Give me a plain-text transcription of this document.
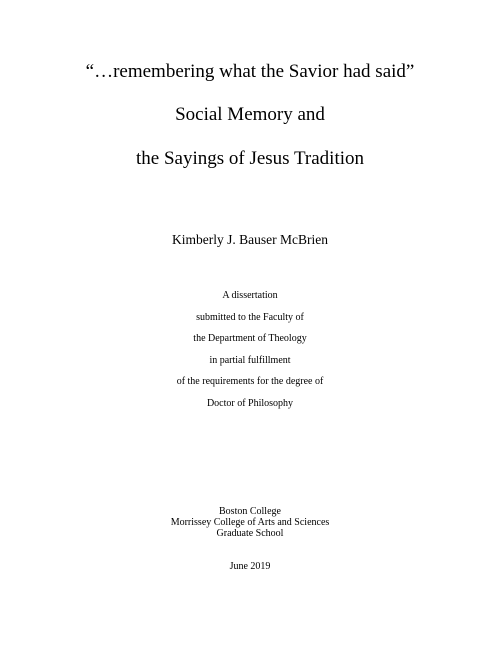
“…remembering what the Savior had said”
Social Memory and
the Sayings of Jesus Tradition
Kimberly J. Bauser McBrien
A dissertation
submitted to the Faculty of
the Department of Theology
in partial fulfillment
of the requirements for the degree of
Doctor of Philosophy
Boston College
Morrissey College of Arts and Sciences
Graduate School
June 2019
